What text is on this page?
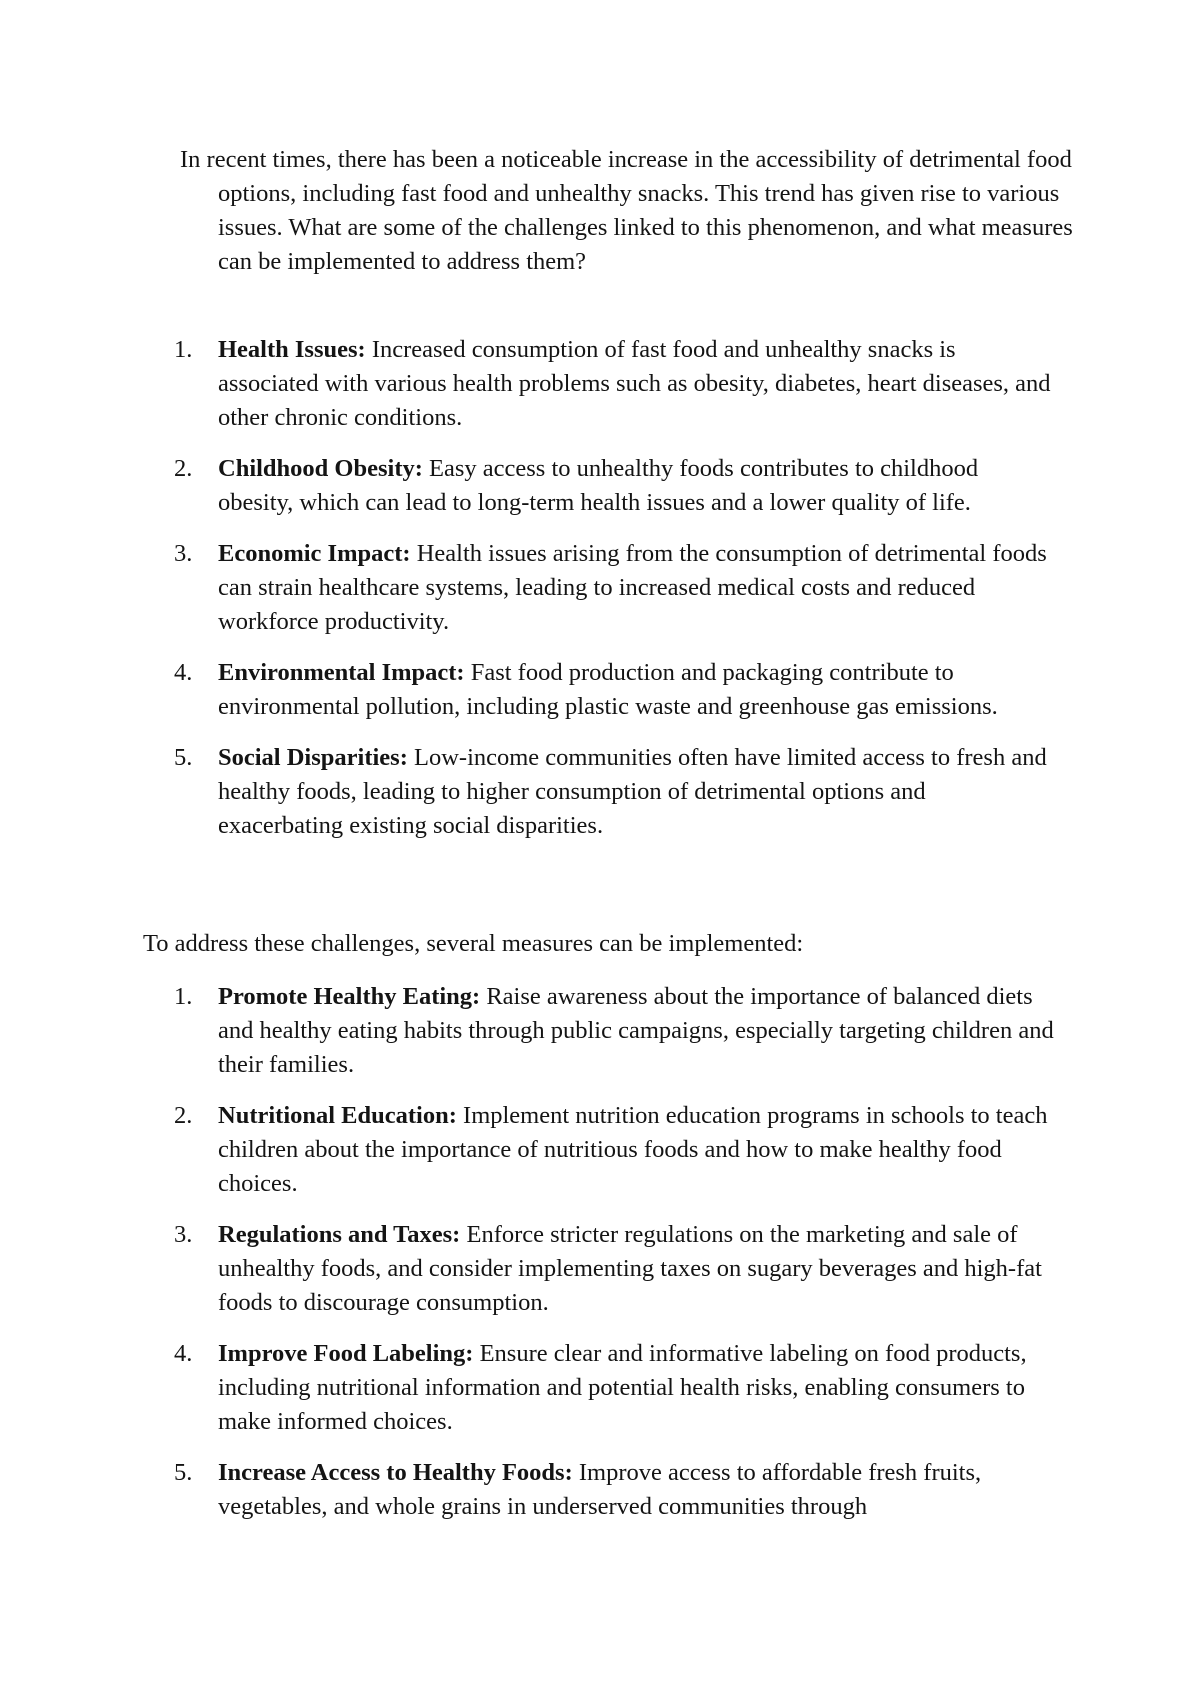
In recent times, there has been a noticeable increase in the accessibility of detrimental food options, including fast food and unhealthy snacks. This trend has given rise to various issues. What are some of the challenges linked to this phenomenon, and what measures can be implemented to address them?

1. Health Issues: Increased consumption of fast food and unhealthy snacks is associated with various health problems such as obesity, diabetes, heart diseases, and other chronic conditions.
2. Childhood Obesity: Easy access to unhealthy foods contributes to childhood obesity, which can lead to long-term health issues and a lower quality of life.
3. Economic Impact: Health issues arising from the consumption of detrimental foods can strain healthcare systems, leading to increased medical costs and reduced workforce productivity.
4. Environmental Impact: Fast food production and packaging contribute to environmental pollution, including plastic waste and greenhouse gas emissions.
5. Social Disparities: Low-income communities often have limited access to fresh and healthy foods, leading to higher consumption of detrimental options and exacerbating existing social disparities.

To address these challenges, several measures can be implemented:

1. Promote Healthy Eating: Raise awareness about the importance of balanced diets and healthy eating habits through public campaigns, especially targeting children and their families.
2. Nutritional Education: Implement nutrition education programs in schools to teach children about the importance of nutritious foods and how to make healthy food choices.
3. Regulations and Taxes: Enforce stricter regulations on the marketing and sale of unhealthy foods, and consider implementing taxes on sugary beverages and high-fat foods to discourage consumption.
4. Improve Food Labeling: Ensure clear and informative labeling on food products, including nutritional information and potential health risks, enabling consumers to make informed choices.
5. Increase Access to Healthy Foods: Improve access to affordable fresh fruits, vegetables, and whole grains in underserved communities through
